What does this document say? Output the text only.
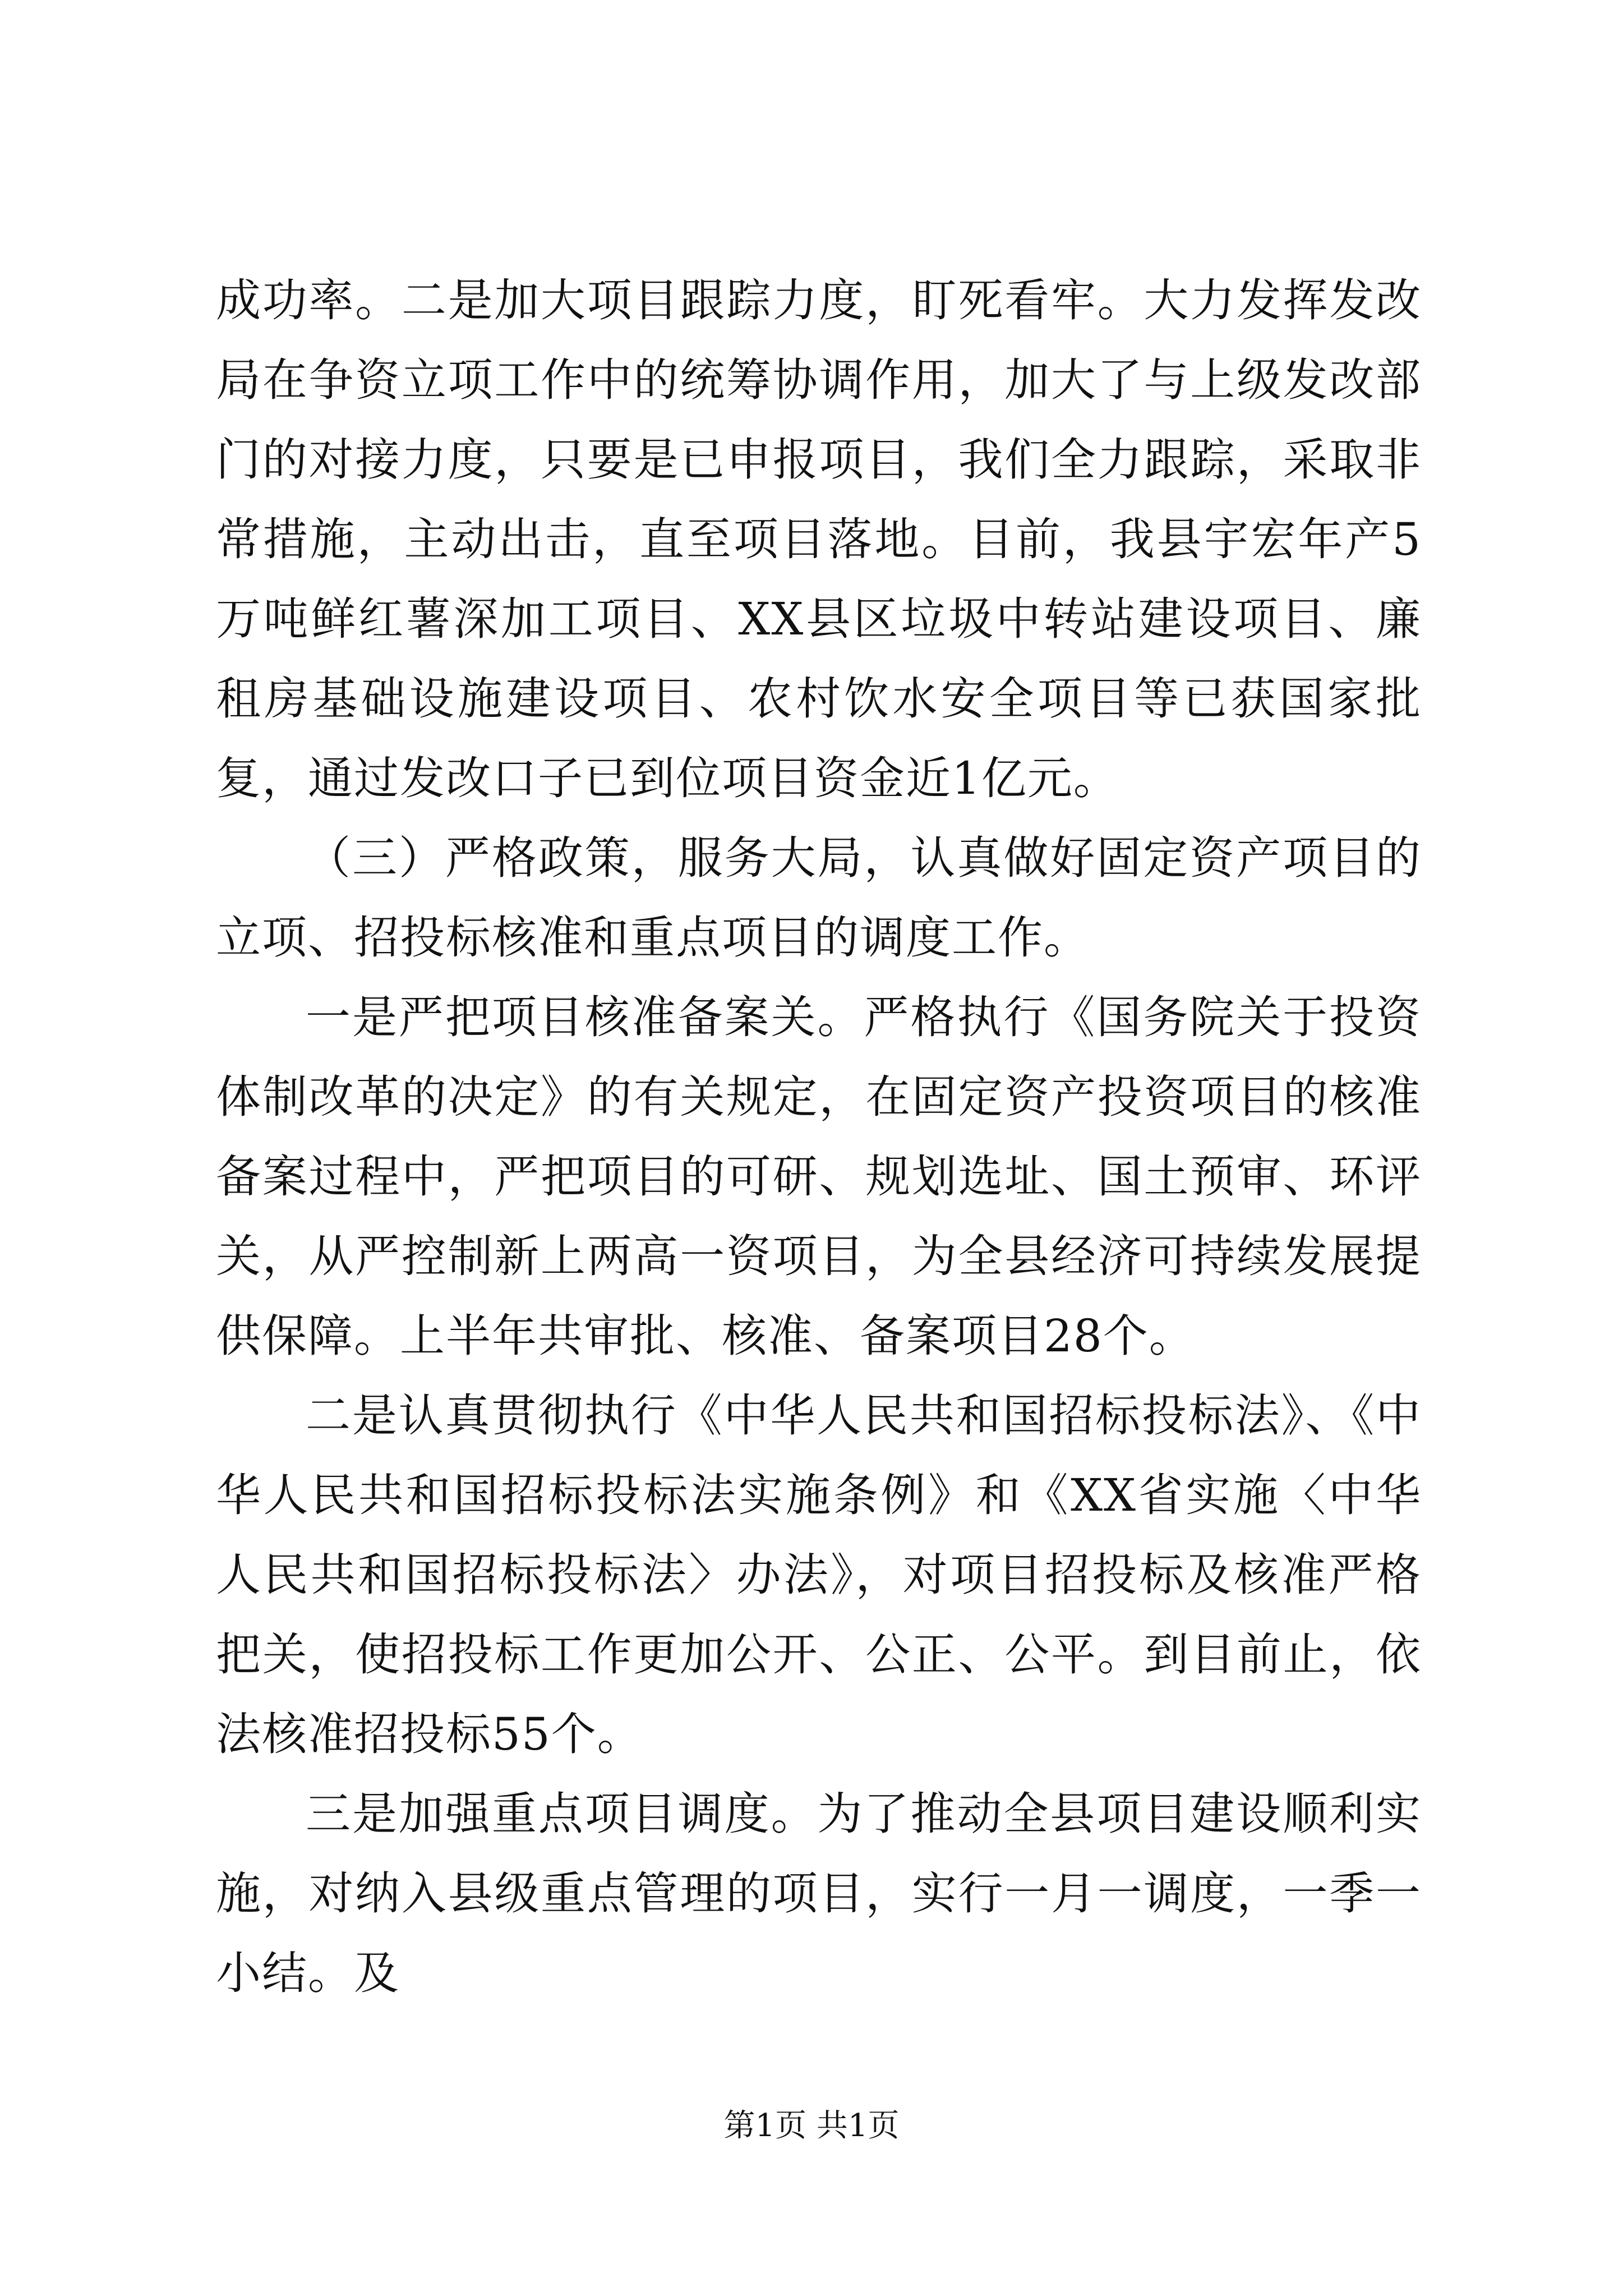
成功率。二是加大项目跟踪力度，盯死看牢。大力发挥发改局在争资立项工作中的统筹协调作用，加大了与上级发改部门的对接力度，只要是已申报项目，我们全力跟踪，采取非常措施，主动出击，直至项目落地。目前，我县宇宏年产5万吨鲜红薯深加工项目、XX县区垃圾中转站建设项目、廉租房基础设施建设项目、农村饮水安全项目等已获国家批复，通过发改口子已到位项目资金近1亿元。

（三）严格政策，服务大局，认真做好固定资产项目的立项、招投标核准和重点项目的调度工作。

一是严把项目核准备案关。严格执行《国务院关于投资体制改革的决定》的有关规定，在固定资产投资项目的核准备案过程中，严把项目的可研、规划选址、国土预审、环评关，从严控制新上两高一资项目，为全县经济可持续发展提供保障。上半年共审批、核准、备案项目28个。

二是认真贯彻执行《中华人民共和国招标投标法》、《中华人民共和国招标投标法实施条例》和《XX省实施〈中华人民共和国招标投标法〉办法》，对项目招投标及核准严格把关，使招投标工作更加公开、公正、公平。到目前止，依法核准招投标55个。

三是加强重点项目调度。为了推动全县项目建设顺利实施，对纳入县级重点管理的项目，实行一月一调度，一季一小结。及

第1页 共1页
